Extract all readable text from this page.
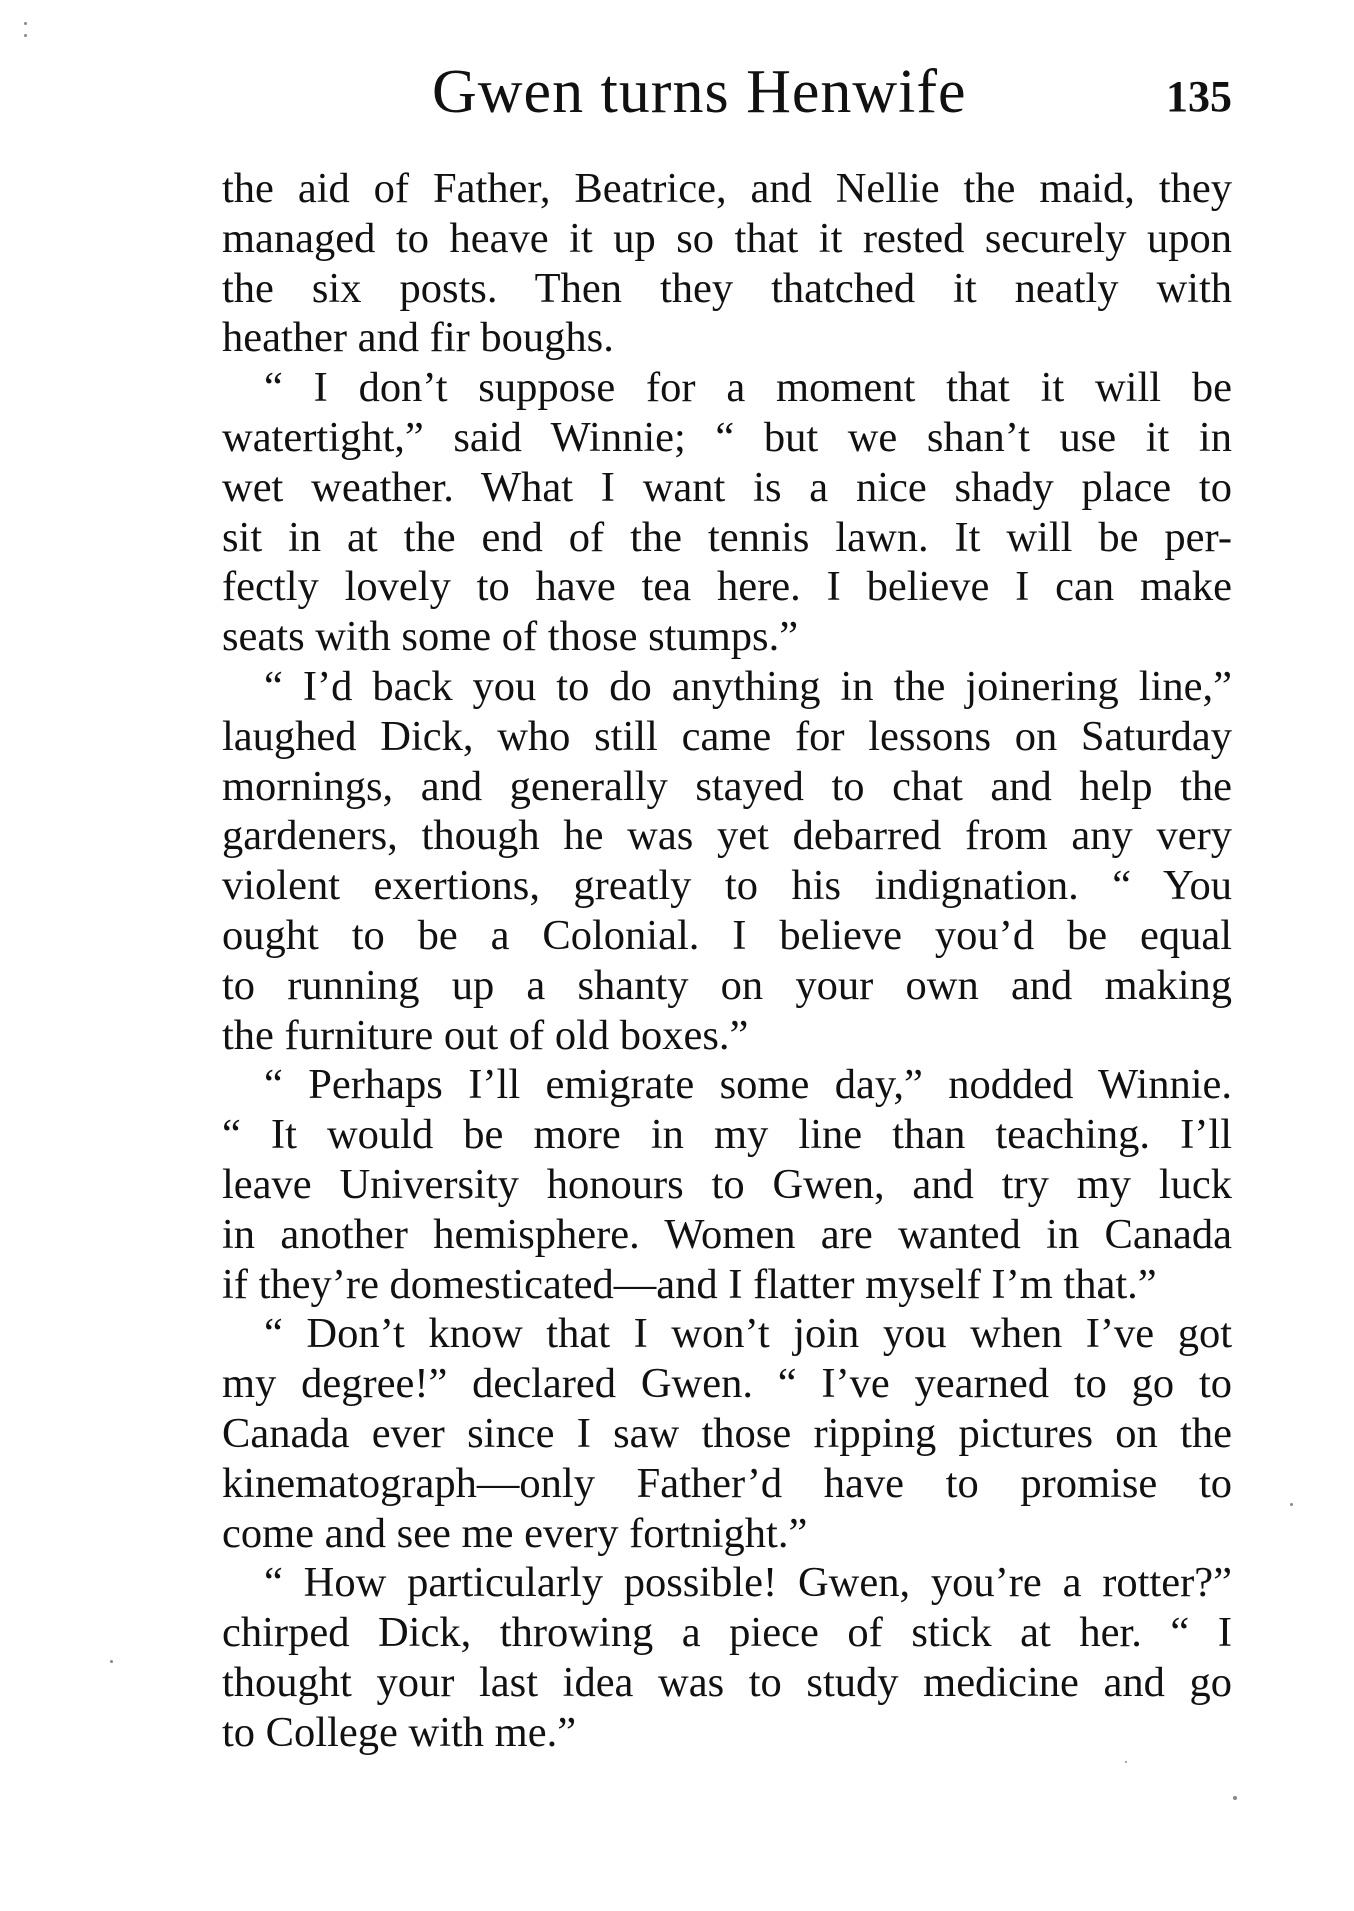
Gwen turns Henwife	135
the aid of Father, Beatrice, and Nellie the maid, they
managed to heave it up so that it rested securely upon
the six posts. Then they thatched it neatly with
heather and fir boughs.
“ I don’t suppose for a moment that it will be
watertight,” said Winnie; “ but we shan’t use it in
wet weather. What I want is a nice shady place to
sit in at the end of the tennis lawn. It will be per-
fectly lovely to have tea here. I believe I can make
seats with some of those stumps.”
“ I’d back you to do anything in the joinering line,”
laughed Dick, who still came for lessons on Saturday
mornings, and generally stayed to chat and help the
gardeners, though he was yet debarred from any very
violent exertions, greatly to his indignation. “ You
ought to be a Colonial. I believe you’d be equal
to running up a shanty on your own and making
the furniture out of old boxes.”
“ Perhaps I’ll emigrate some day,” nodded Winnie.
“ It would be more in my line than teaching. I’ll
leave University honours to Gwen, and try my luck
in another hemisphere. Women are wanted in Canada
if they’re domesticated—and I flatter myself I’m that.”
“ Don’t know that I won’t join you when I’ve got
my degree!” declared Gwen. “ I’ve yearned to go to
Canada ever since I saw those ripping pictures on the
kinematograph—only Father’d have to promise to
come and see me every fortnight.”
“ How particularly possible! Gwen, you’re a rotter?”
chirped Dick, throwing a piece of stick at her. “ I
thought your last idea was to study medicine and go
to College with me.”
